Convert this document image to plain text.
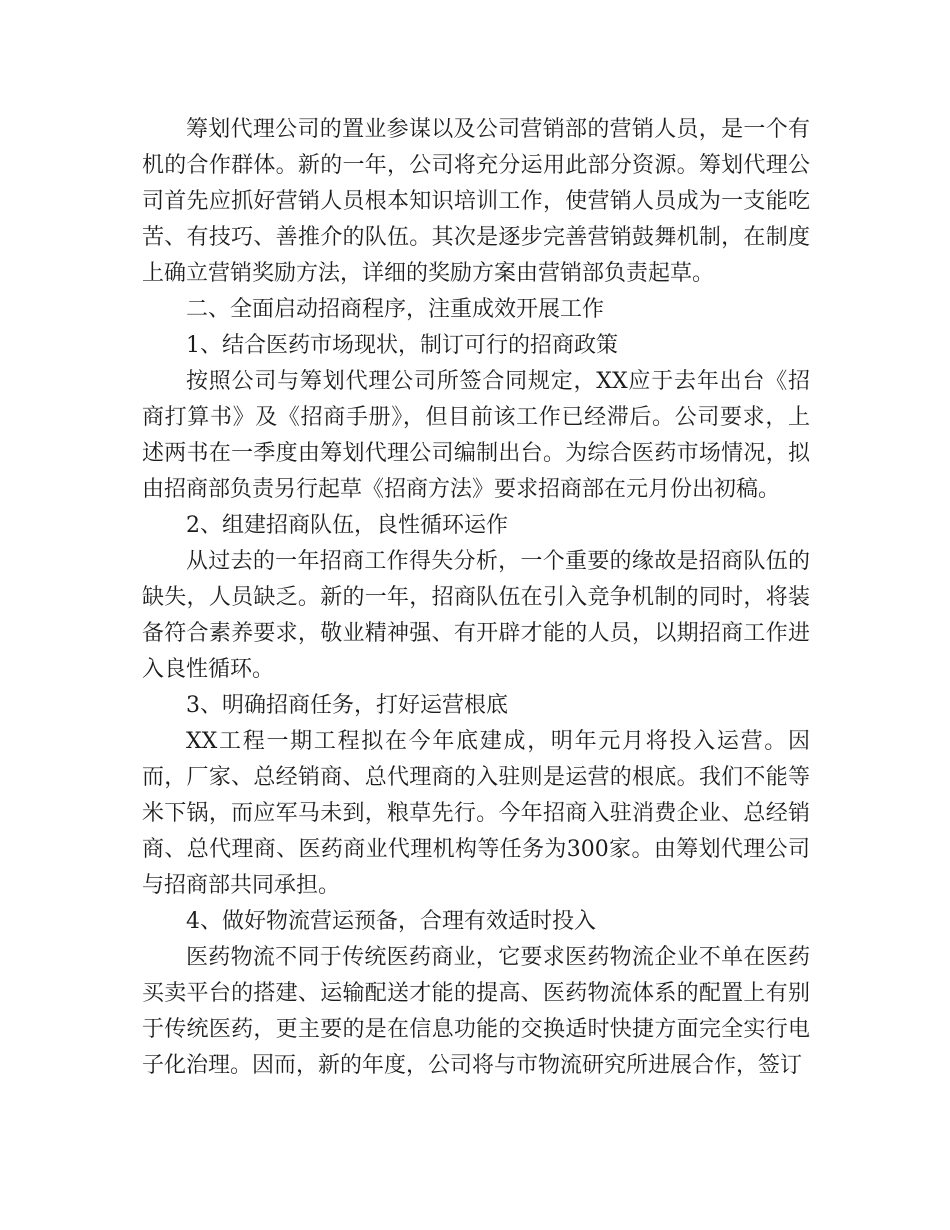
筹划代理公司的置业参谋以及公司营销部的营销人员，是一个有机的合作群体。新的一年，公司将充分运用此部分资源。筹划代理公司首先应抓好营销人员根本知识培训工作，使营销人员成为一支能吃苦、有技巧、善推介的队伍。其次是逐步完善营销鼓舞机制，在制度上确立营销奖励方法，详细的奖励方案由营销部负责起草。

二、全面启动招商程序，注重成效开展工作

1、结合医药市场现状，制订可行的招商政策

按照公司与筹划代理公司所签合同规定，XX应于去年出台《招商打算书》及《招商手册》，但目前该工作已经滞后。公司要求，上述两书在一季度由筹划代理公司编制出台。为综合医药市场情况，拟由招商部负责另行起草《招商方法》要求招商部在元月份出初稿。

2、组建招商队伍，良性循环运作

从过去的一年招商工作得失分析，一个重要的缘故是招商队伍的缺失，人员缺乏。新的一年，招商队伍在引入竞争机制的同时，将装备符合素养要求，敬业精神强、有开辟才能的人员，以期招商工作进入良性循环。

3、明确招商任务，打好运营根底

XX工程一期工程拟在今年底建成，明年元月将投入运营。因而，厂家、总经销商、总代理商的入驻则是运营的根底。我们不能等米下锅，而应军马未到，粮草先行。今年招商入驻消费企业、总经销商、总代理商、医药商业代理机构等任务为300家。由筹划代理公司与招商部共同承担。

4、做好物流营运预备，合理有效适时投入

医药物流不同于传统医药商业，它要求医药物流企业不单在医药买卖平台的搭建、运输配送才能的提高、医药物流体系的配置上有别于传统医药，更主要的是在信息功能的交换适时快捷方面完全实行电子化治理。因而，新的年度，公司将与市物流研究所进展合作，签订
